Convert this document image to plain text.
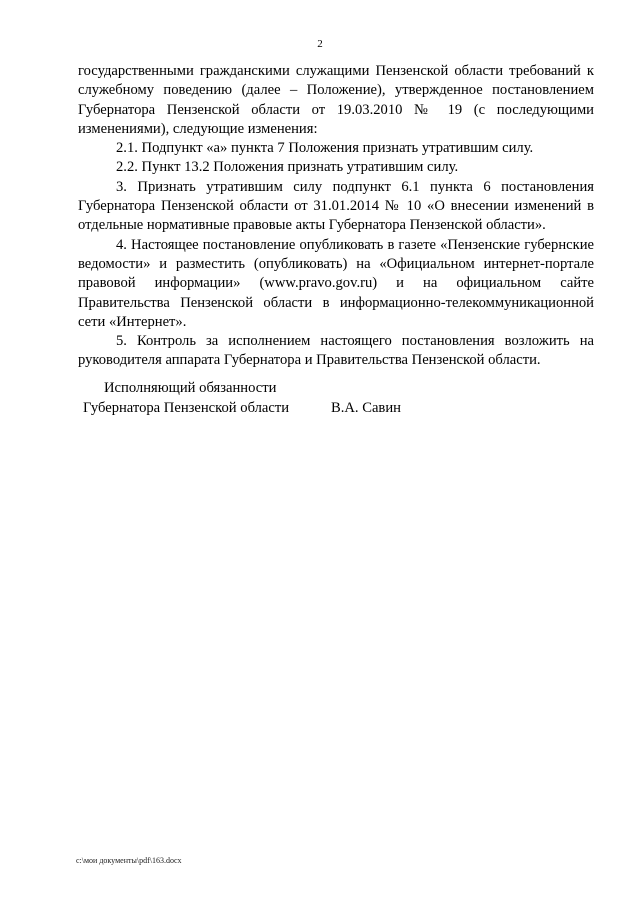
2

государственными гражданскими служащими Пензенской области требований к служебному поведению (далее – Положение), утвержденное постановлением Губернатора Пензенской области от 19.03.2010 № 19 (с последующими изменениями), следующие изменения:

2.1. Подпункт «а» пункта 7 Положения признать утратившим силу.

2.2. Пункт 13.2 Положения признать утратившим силу.

3. Признать утратившим силу подпункт 6.1 пункта 6 постановления Губернатора Пензенской области от 31.01.2014 № 10 «О внесении изменений в отдельные нормативные правовые акты Губернатора Пензенской области».

4. Настоящее постановление опубликовать в газете «Пензенские губернские ведомости» и разместить (опубликовать) на «Официальном интернет-портале правовой информации» (www.pravo.gov.ru) и на официальном сайте Правительства Пензенской области в информационно-телекоммуникационной сети «Интернет».

5. Контроль за исполнением настоящего постановления возложить на руководителя аппарата Губернатора и Правительства Пензенской области.

Исполняющий обязанности
Губернатора Пензенской области	В.А. Савин
c:\мои документы\pdf\163.docx
